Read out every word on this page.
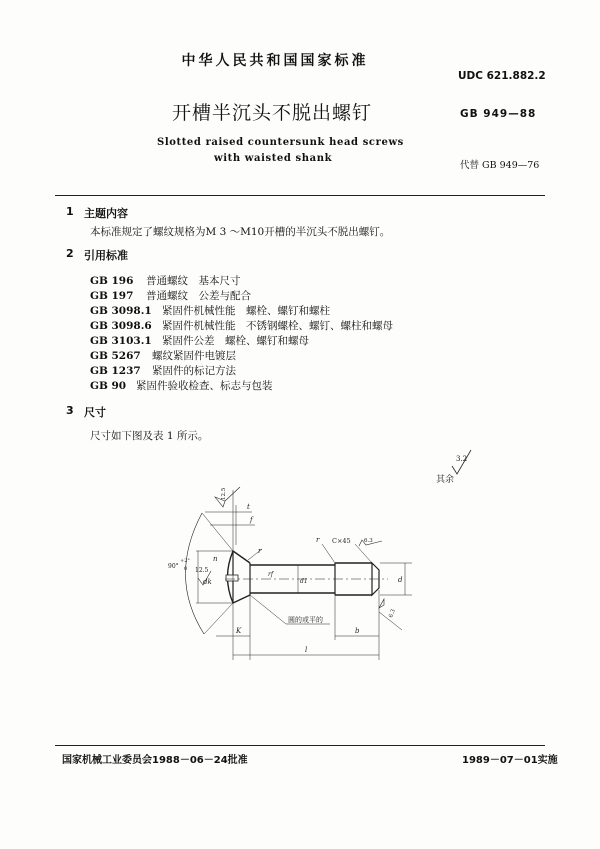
中华人民共和国国家标准
UDC 621.882.2
开槽半沉头不脱出螺钉	GB 949—88
Slotted raised countersunk head screws
with waisted shank
代替 GB 949—76
1 主题内容
本标准规定了螺纹规格为M 3 ～M10开槽的半沉头不脱出螺钉。
2 引用标准
GB 196 普通螺纹　基本尺寸
GB 197 普通螺纹　公差与配合
GB 3098.1 紧固件机械性能　螺栓、螺钉和螺柱
GB 3098.6 紧固件机械性能　不锈钢螺栓、螺钉、螺柱和螺母
GB 3103.1 紧固件公差　螺栓、螺钉和螺母
GB 5267 螺纹紧固件电镀层
GB 1237 紧固件的标记方法
GB 90 紧固件验收检查、标志与包装
3 尺寸
尺寸如下图及表 1 所示。
其余
3.2
90°
+2°
0
12.5
12.5
6.3
6.3
C×45
圆的或平的
t
f
n
r
r
rf
dk	d1	d
K	b
l
国家机械工业委员会1988－06－24批准	1989－07－01实施
